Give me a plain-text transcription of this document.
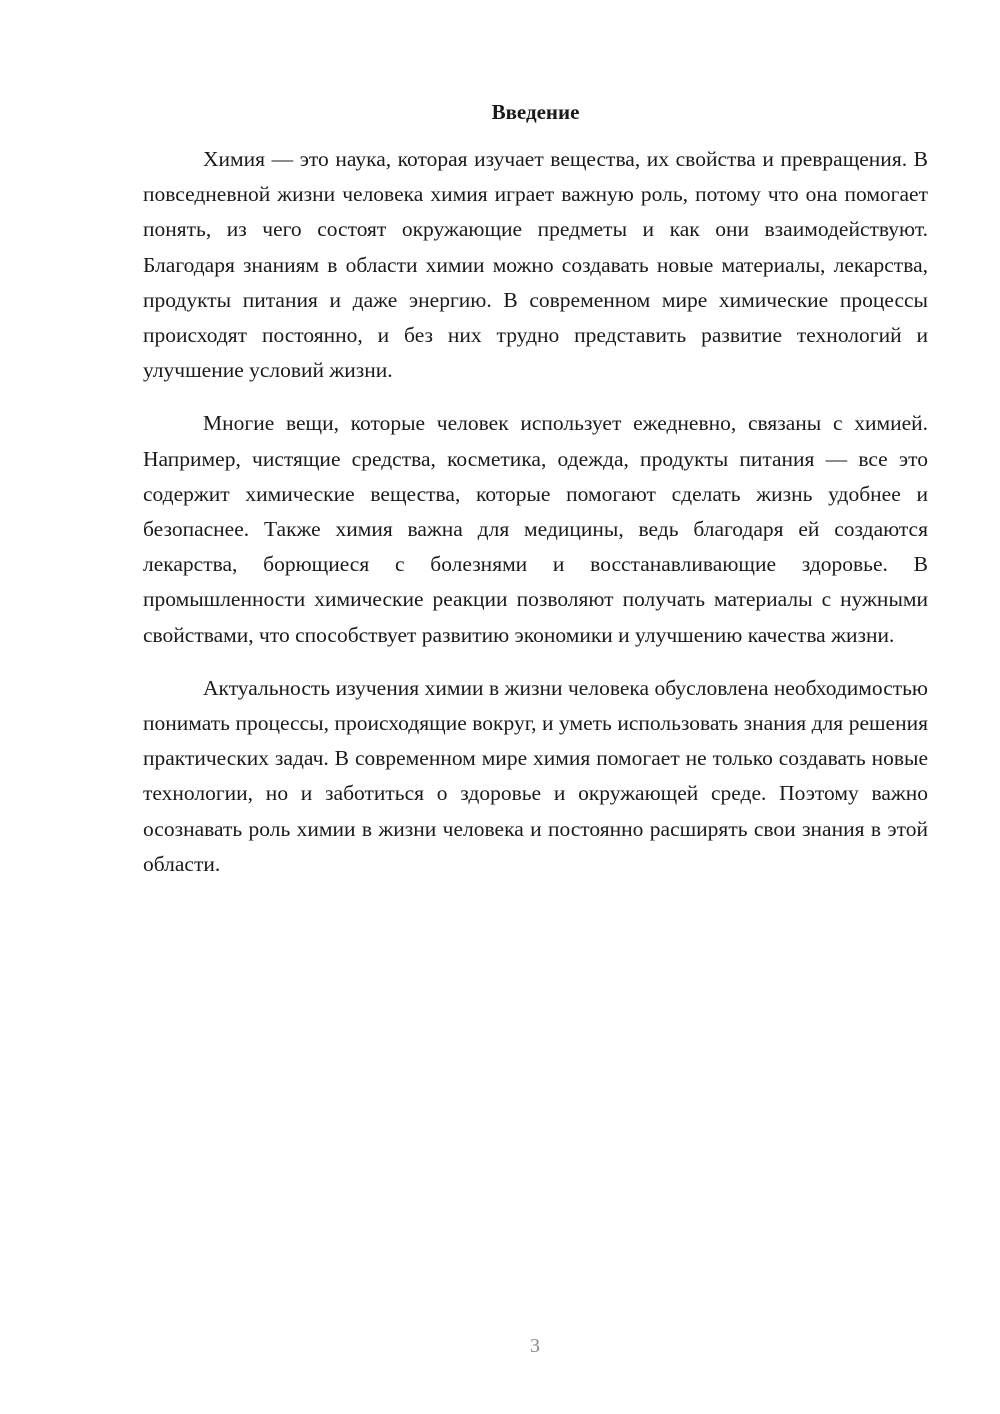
Введение

Химия — это наука, которая изучает вещества, их свойства и превращения. В повседневной жизни человека химия играет важную роль, потому что она помогает понять, из чего состоят окружающие предметы и как они взаимодействуют. Благодаря знаниям в области химии можно создавать новые материалы, лекарства, продукты питания и даже энергию. В современном мире химические процессы происходят постоянно, и без них трудно представить развитие технологий и улучшение условий жизни.

Многие вещи, которые человек использует ежедневно, связаны с химией. Например, чистящие средства, косметика, одежда, продукты питания — все это содержит химические вещества, которые помогают сделать жизнь удобнее и безопаснее. Также химия важна для медицины, ведь благодаря ей создаются лекарства, борющиеся с болезнями и восстанавливающие здоровье. В промышленности химические реакции позволяют получать материалы с нужными свойствами, что способствует развитию экономики и улучшению качества жизни.

Актуальность изучения химии в жизни человека обусловлена необходимостью понимать процессы, происходящие вокруг, и уметь использовать знания для решения практических задач. В современном мире химия помогает не только создавать новые технологии, но и заботиться о здоровье и окружающей среде. Поэтому важно осознавать роль химии в жизни человека и постоянно расширять свои знания в этой области.

3
